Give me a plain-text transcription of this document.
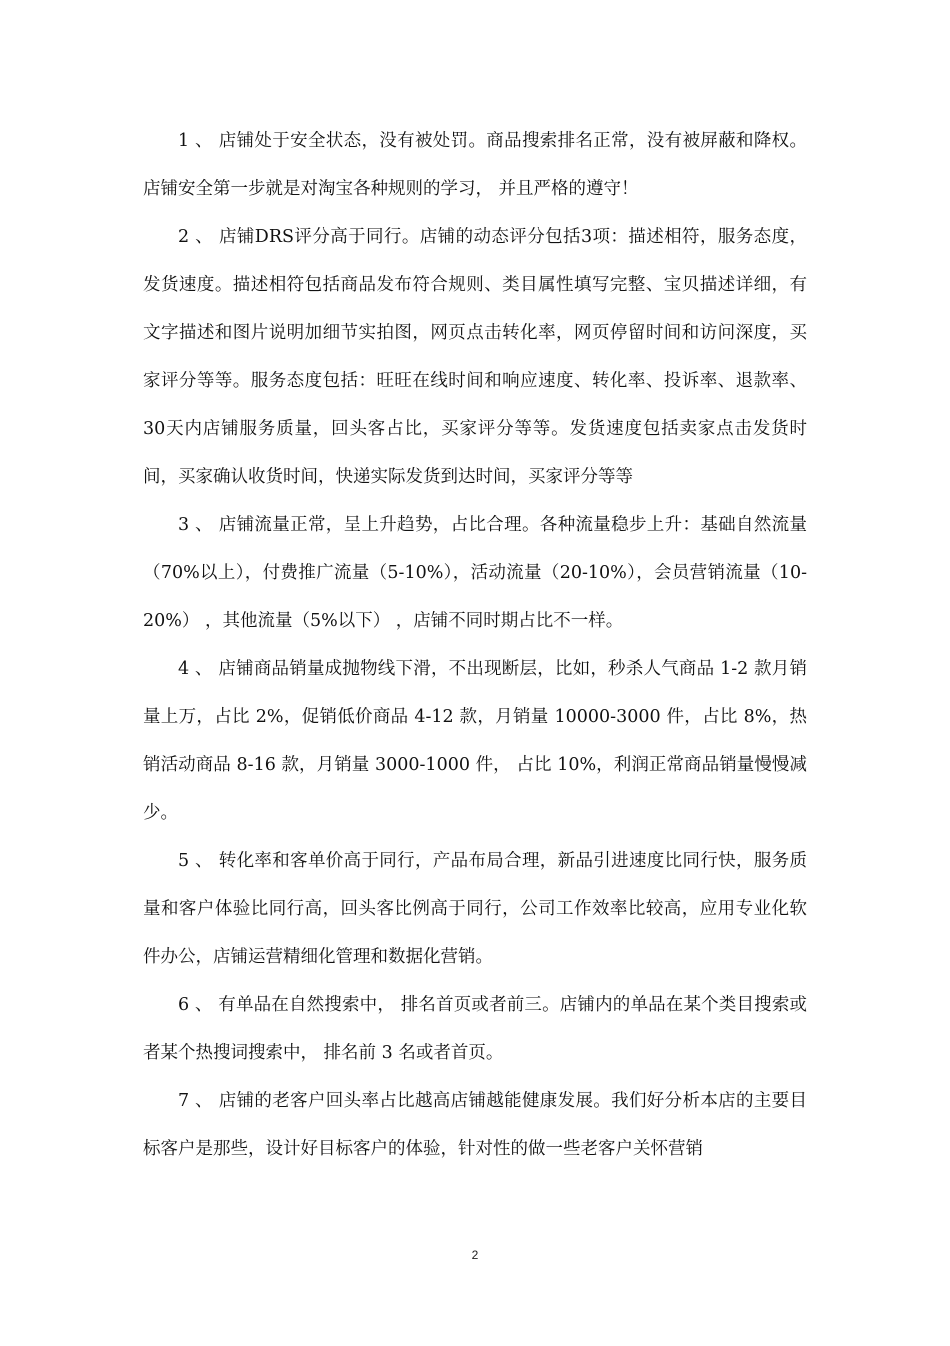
1 、 店铺处于安全状态，没有被处罚。商品搜索排名正常，没有被屏蔽和降权。店铺安全第一步就是对淘宝各种规则的学习， 并且严格的遵守！

2 、 店铺DRS评分高于同行。店铺的动态评分包括3项：描述相符，服务态度，发货速度。描述相符包括商品发布符合规则、类目属性填写完整、宝贝描述详细，有文字描述和图片说明加细节实拍图，网页点击转化率，网页停留时间和访问深度，买家评分等等。服务态度包括：旺旺在线时间和响应速度、转化率、投诉率、退款率、 30天内店铺服务质量，回头客占比，买家评分等等。发货速度包括卖家点击发货时间，买家确认收货时间，快递实际发货到达时间，买家评分等等

3 、 店铺流量正常，呈上升趋势，占比合理。各种流量稳步上升：基础自然流量（70%以上），付费推广流量（5-10%），活动流量（20-10%），会员营销流量（10-20%） ，其他流量（5%以下） ，店铺不同时期占比不一样。

4 、 店铺商品销量成抛物线下滑，不出现断层，比如，秒杀人气商品 1-2 款月销量上万，占比 2%，促销低价商品 4-12 款，月销量 10000-3000 件，占比 8%，热销活动商品 8-16 款，月销量 3000-1000 件， 占比 10%，利润正常商品销量慢慢减少。

5 、 转化率和客单价高于同行，产品布局合理，新品引进速度比同行快，服务质量和客户体验比同行高，回头客比例高于同行，公司工作效率比较高，应用专业化软件办公，店铺运营精细化管理和数据化营销。

6 、 有单品在自然搜索中， 排名首页或者前三。店铺内的单品在某个类目搜索或者某个热搜词搜索中， 排名前 3 名或者首页。

7 、 店铺的老客户回头率占比越高店铺越能健康发展。我们好分析本店的主要目标客户是那些，设计好目标客户的体验，针对性的做一些老客户关怀营销

2
